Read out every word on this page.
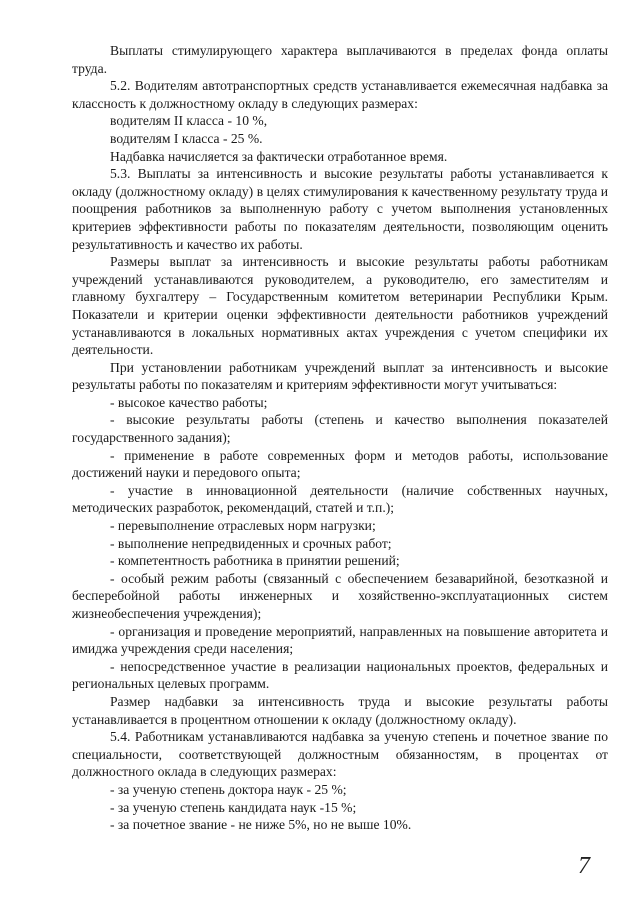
Выплаты стимулирующего характера выплачиваются в пределах фонда оплаты труда.

5.2. Водителям автотранспортных средств устанавливается ежемесячная надбавка за классность к должностному окладу в следующих размерах:

водителям II класса - 10 %,

водителям I класса - 25 %.

Надбавка начисляется за фактически отработанное время.

5.3. Выплаты за интенсивность и высокие результаты работы устанавливается к окладу (должностному окладу) в целях стимулирования к качественному результату труда и поощрения работников за выполненную работу с учетом выполнения установленных критериев эффективности работы по показателям деятельности, позволяющим оценить результативность и качество их работы.

Размеры выплат за интенсивность и высокие результаты работы работникам учреждений устанавливаются руководителем, а руководителю, его заместителям и главному бухгалтеру – Государственным комитетом ветеринарии Республики Крым. Показатели и критерии оценки эффективности деятельности работников учреждений устанавливаются в локальных нормативных актах учреждения с учетом специфики их деятельности.

При установлении работникам учреждений выплат за интенсивность и высокие результаты работы по показателям и критериям эффективности могут учитываться:

- высокое качество работы;

- высокие результаты работы (степень и качество выполнения показателей государственного задания);

- применение в работе современных форм и методов работы, использование достижений науки и передового опыта;

- участие в инновационной деятельности (наличие собственных научных, методических разработок, рекомендаций, статей и т.п.);

- перевыполнение отраслевых норм нагрузки;

- выполнение непредвиденных и срочных работ;

- компетентность работника в принятии решений;

- особый режим работы (связанный с обеспечением безаварийной, безотказной и бесперебойной работы инженерных и хозяйственно-эксплуатационных систем жизнеобеспечения учреждения);

- организация и проведение мероприятий, направленных на повышение авторитета и имиджа учреждения среди населения;

- непосредственное участие в реализации национальных проектов, федеральных и региональных целевых программ.

Размер надбавки за интенсивность труда и высокие результаты работы устанавливается в процентном отношении к окладу (должностному окладу).

5.4. Работникам устанавливаются надбавка за ученую степень и почетное звание по специальности, соответствующей должностным обязанностям, в процентах от должностного оклада в следующих размерах:

- за ученую степень доктора наук - 25 %;

- за ученую степень кандидата наук -15 %;

- за почетное звание - не ниже 5%, но не выше 10%.

7
